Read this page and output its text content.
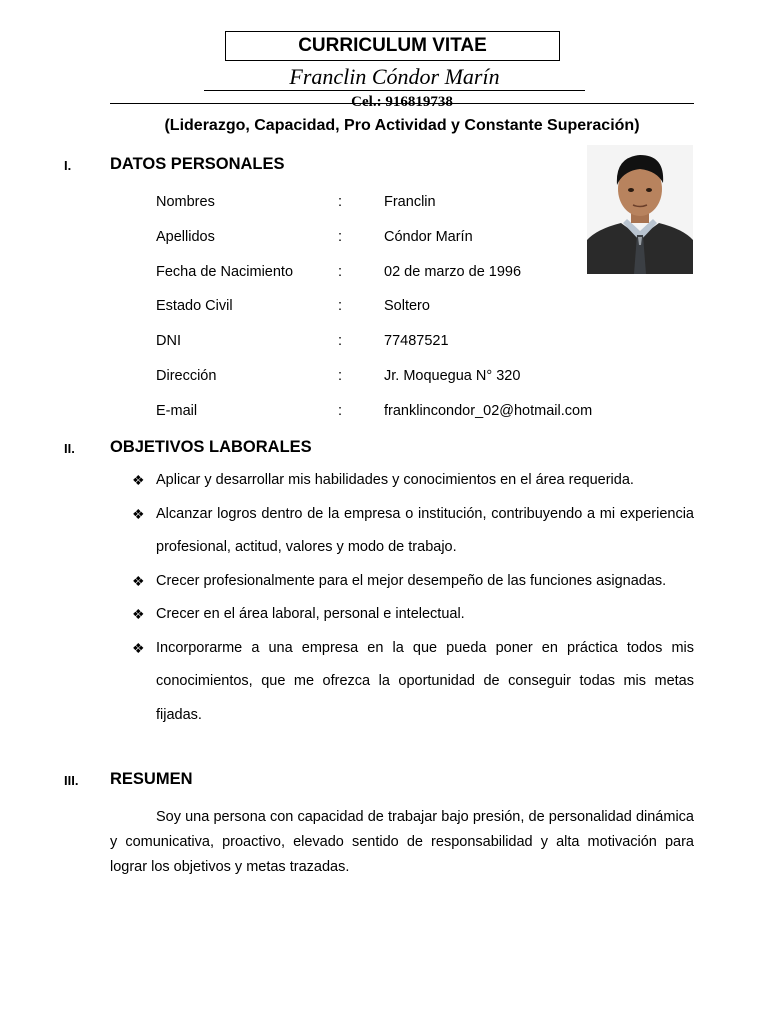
CURRICULUM VITAE
Franclin Cóndor Marín
Cel.: 916819738
(Liderazgo, Capacidad, Pro Actividad y Constante Superación)
I. DATOS PERSONALES
Nombres	:	Franclin
Apellidos	:	Cóndor Marín
Fecha de Nacimiento	:	02 de marzo de 1996
Estado Civil	:	Soltero
DNI	:	77487521
Dirección	:	Jr. Moquegua N° 320
E-mail	:	franklincondor_02@hotmail.com
II. OBJETIVOS LABORALES
❖ Aplicar y desarrollar mis habilidades y conocimientos en el área requerida.
❖ Alcanzar logros dentro de la empresa o institución, contribuyendo a mi experiencia profesional, actitud, valores y modo de trabajo.
❖ Crecer profesionalmente para el mejor desempeño de las funciones asignadas.
❖ Crecer en el área laboral, personal e intelectual.
❖ Incorporarme a una empresa en la que pueda poner en práctica todos mis conocimientos, que me ofrezca la oportunidad de conseguir todas mis metas fijadas.
III. RESUMEN
Soy una persona con capacidad de trabajar bajo presión, de personalidad dinámica y comunicativa, proactivo, elevado sentido de responsabilidad y alta motivación para lograr los objetivos y metas trazadas.
